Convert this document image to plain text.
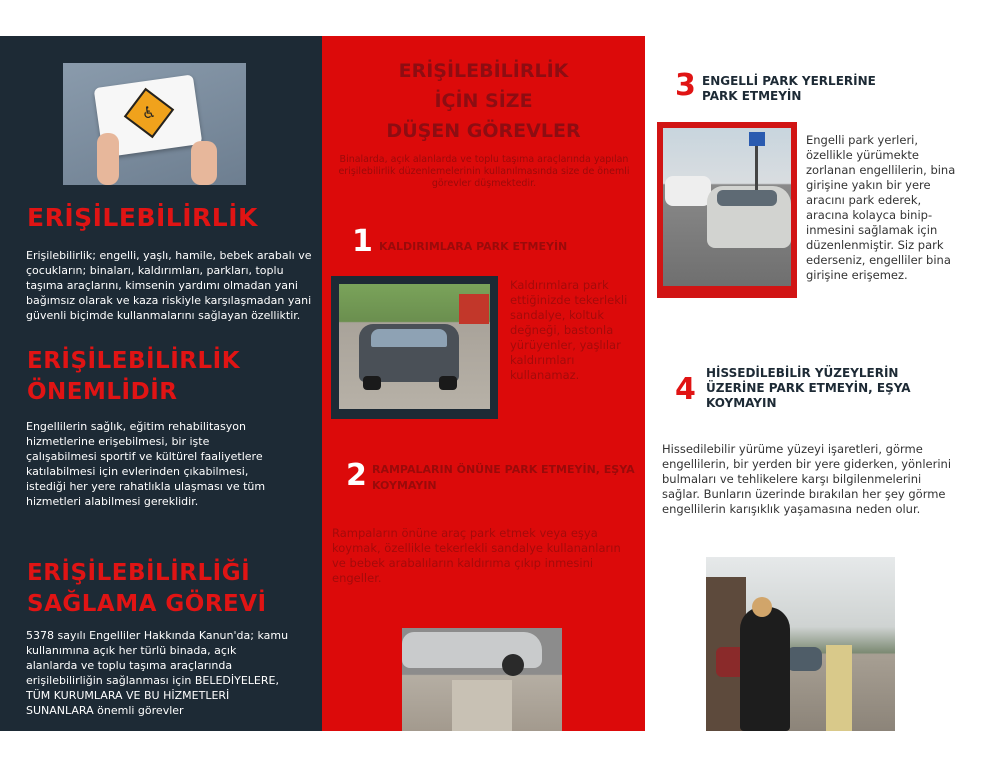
♿
ERİŞİLEBİLİRLİK
Erişilebilirlik; engelli, yaşlı, hamile, bebek arabalı ve çocukların; binaları, kaldırımları, parkları, toplu taşıma araçlarını, kimsenin yardımı olmadan yani bağımsız olarak ve kaza riskiyle karşılaşmadan yani güvenli biçimde kullanmalarını sağlayan özelliktir.
ERİŞİLEBİLİRLİK
ÖNEMLİDİR
Engellilerin sağlık, eğitim rehabilitasyon hizmetlerine erişebilmesi, bir işte çalışabilmesi sportif ve kültürel faaliyetlere katılabilmesi için evlerinden çıkabilmesi, istediği her yere rahatlıkla ulaşması ve tüm hizmetleri alabilmesi gereklidir.
ERİŞİLEBİLİRLİĞİ
SAĞLAMA GÖREVİ
5378 sayılı Engelliler Hakkında Kanun'da; kamu kullanımına açık her türlü binada, açık alanlarda ve toplu taşıma araçlarında erişilebilirliğin sağlanması için BELEDİYELERE, TÜM KURUMLARA VE BU HİZMETLERİ SUNANLARA önemli görevler
ERİŞİLEBİLİRLİK
İÇİN SİZE
DÜŞEN GÖREVLER
Binalarda, açık alanlarda ve toplu taşıma araçlarında yapılan erişilebilirlik düzenlemelerinin kullanılmasında size de önemli görevler düşmektedir.
1 KALDIRIMLARA PARK ETMEYİN
Kaldırımlara park ettiğinizde tekerlekli sandalye, koltuk değneği, bastonla yürüyenler, yaşlılar kaldırımları kullanamaz.
2 RAMPALARIN ÖNÜNE PARK ETMEYİN, EŞYA KOYMAYIN
Rampaların önüne araç park etmek veya eşya koymak, özellikle tekerlekli sandalye kullananların ve bebek arabalıların kaldırıma çıkıp inmesini engeller.
3 ENGELLİ PARK YERLERİNE
PARK ETMEYİN
Engelli park yerleri, özellikle yürümekte zorlanan engellilerin, bina girişine yakın bir yere aracını park ederek, aracına kolayca binip-inmesini sağlamak için düzenlenmiştir. Siz park ederseniz, engelliler bina girişine erişemez.
4 HİSSEDİLEBİLİR YÜZEYLERİN
ÜZERİNE PARK ETMEYİN, EŞYA
KOYMAYIN
Hissedilebilir yürüme yüzeyi işaretleri, görme engellilerin, bir yerden bir yere giderken, yönlerini bulmaları ve tehlikelere karşı bilgilenmelerini sağlar. Bunların üzerinde bırakılan her şey görme engellilerin karışıklık yaşamasına neden olur.
